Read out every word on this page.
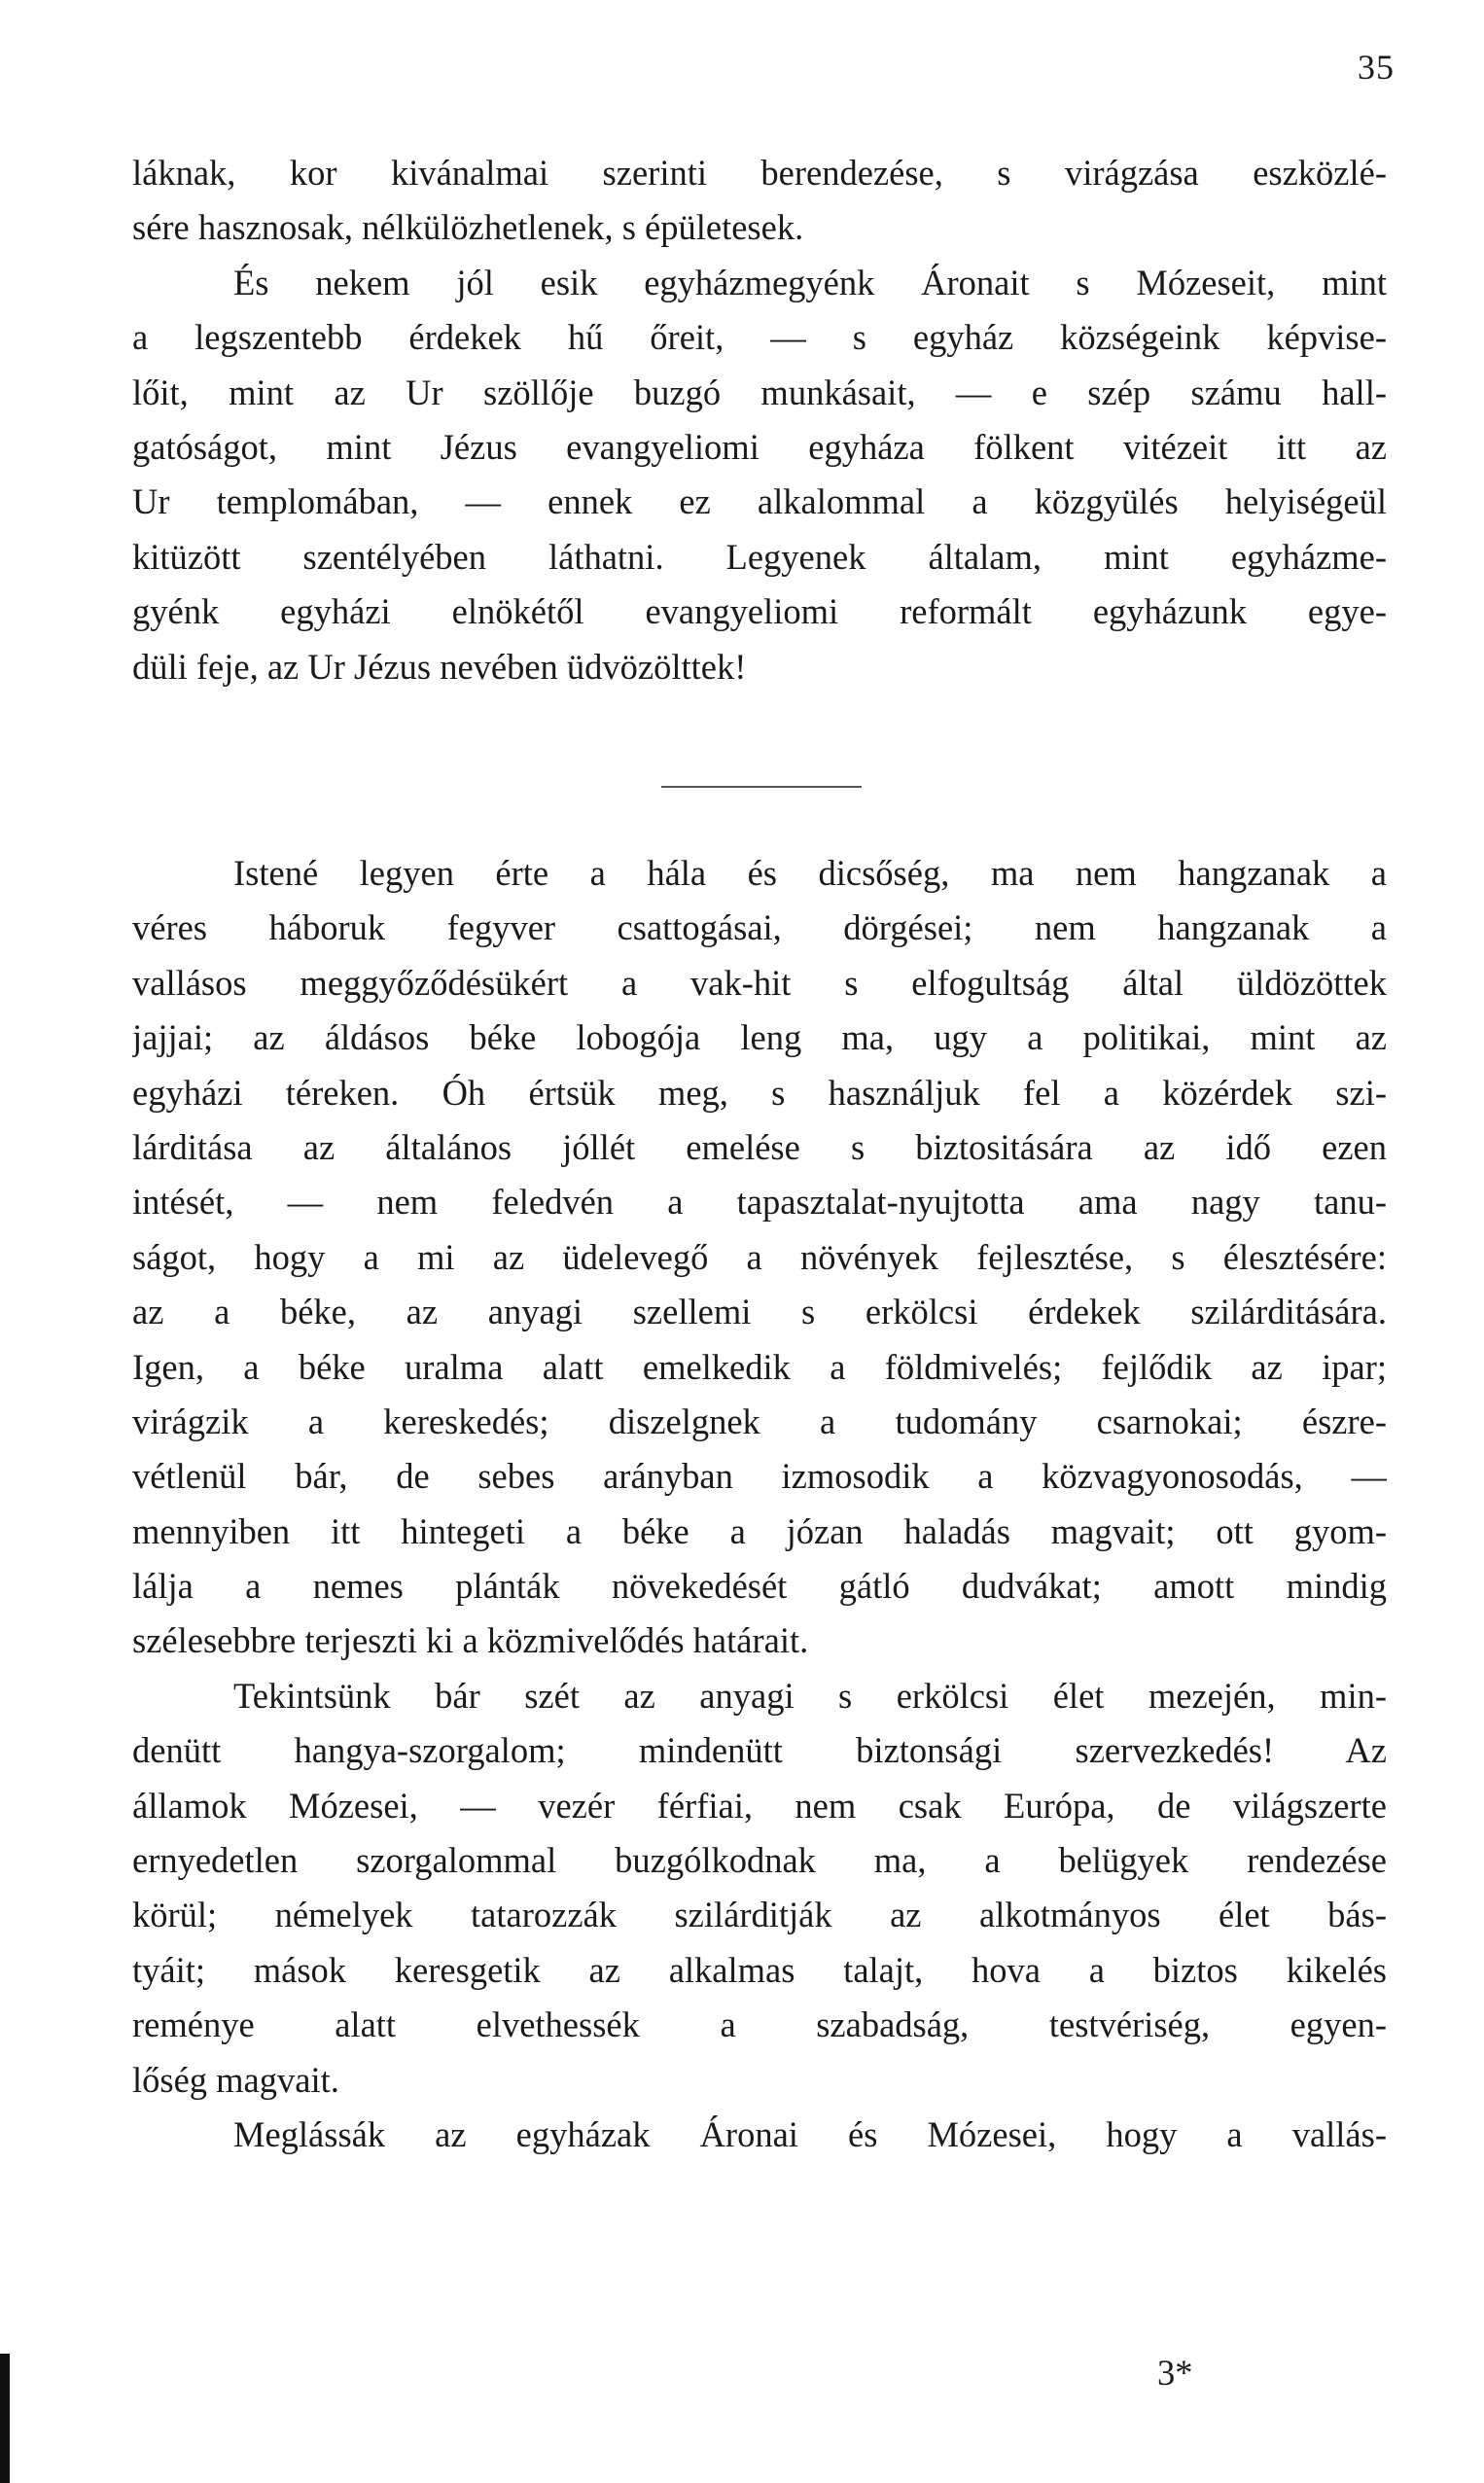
35
láknak, kor kivánalmai szerinti berendezése, s virágzása eszközlé-
sére hasznosak, nélkülözhetlenek, s épületesek.
És nekem jól esik egyházmegyénk Áronait s Mózeseit, mint
a legszentebb érdekek hű őreit, — s egyház községeink képvise-
lőit, mint az Ur szöllője buzgó munkásait, — e szép számu hall-
gatóságot, mint Jézus evangyeliomi egyháza fölkent vitézeit itt az
Ur templomában, — ennek ez alkalommal a közgyülés helyiségeül
kitüzött szentélyében láthatni. Legyenek általam, mint egyházme-
gyénk egyházi elnökétől evangyeliomi reformált egyházunk egye-
düli feje, az Ur Jézus nevében üdvözölttek!
Istené legyen érte a hála és dicsőség, ma nem hangzanak a
véres háboruk fegyver csattogásai, dörgései; nem hangzanak a
vallásos meggyőződésükért a vak-hit s elfogultság által üldözöttek
jajjai; az áldásos béke lobogója leng ma, ugy a politikai, mint az
egyházi téreken. Óh értsük meg, s használjuk fel a közérdek szi-
lárditása az általános jóllét emelése s biztositására az idő ezen
intését, — nem feledvén a tapasztalat-nyujtotta ama nagy tanu-
ságot, hogy a mi az üdelevegő a növények fejlesztése, s élesztésére:
az a béke, az anyagi szellemi s erkölcsi érdekek szilárditására.
Igen, a béke uralma alatt emelkedik a földmivelés; fejlődik az ipar;
virágzik a kereskedés; diszelgnek a tudomány csarnokai; észre-
vétlenül bár, de sebes arányban izmosodik a közvagyonosodás, —
mennyiben itt hintegeti a béke a józan haladás magvait; ott gyom-
lálja a nemes plánták növekedését gátló dudvákat; amott mindig
szélesebbre terjeszti ki a közmivelődés határait.
Tekintsünk bár szét az anyagi s erkölcsi élet mezején, min-
denütt hangya-szorgalom; mindenütt biztonsági szervezkedés! Az
államok Mózesei, — vezér férfiai, nem csak Európa, de világszerte
ernyedetlen szorgalommal buzgólkodnak ma, a belügyek rendezése
körül; némelyek tatarozzák szilárditják az alkotmányos élet bás-
tyáit; mások keresgetik az alkalmas talajt, hova a biztos kikelés
reménye alatt elvethessék a szabadság, testvériség, egyen-
lőség magvait.
Meglássák az egyházak Áronai és Mózesei, hogy a vallás-
3*
